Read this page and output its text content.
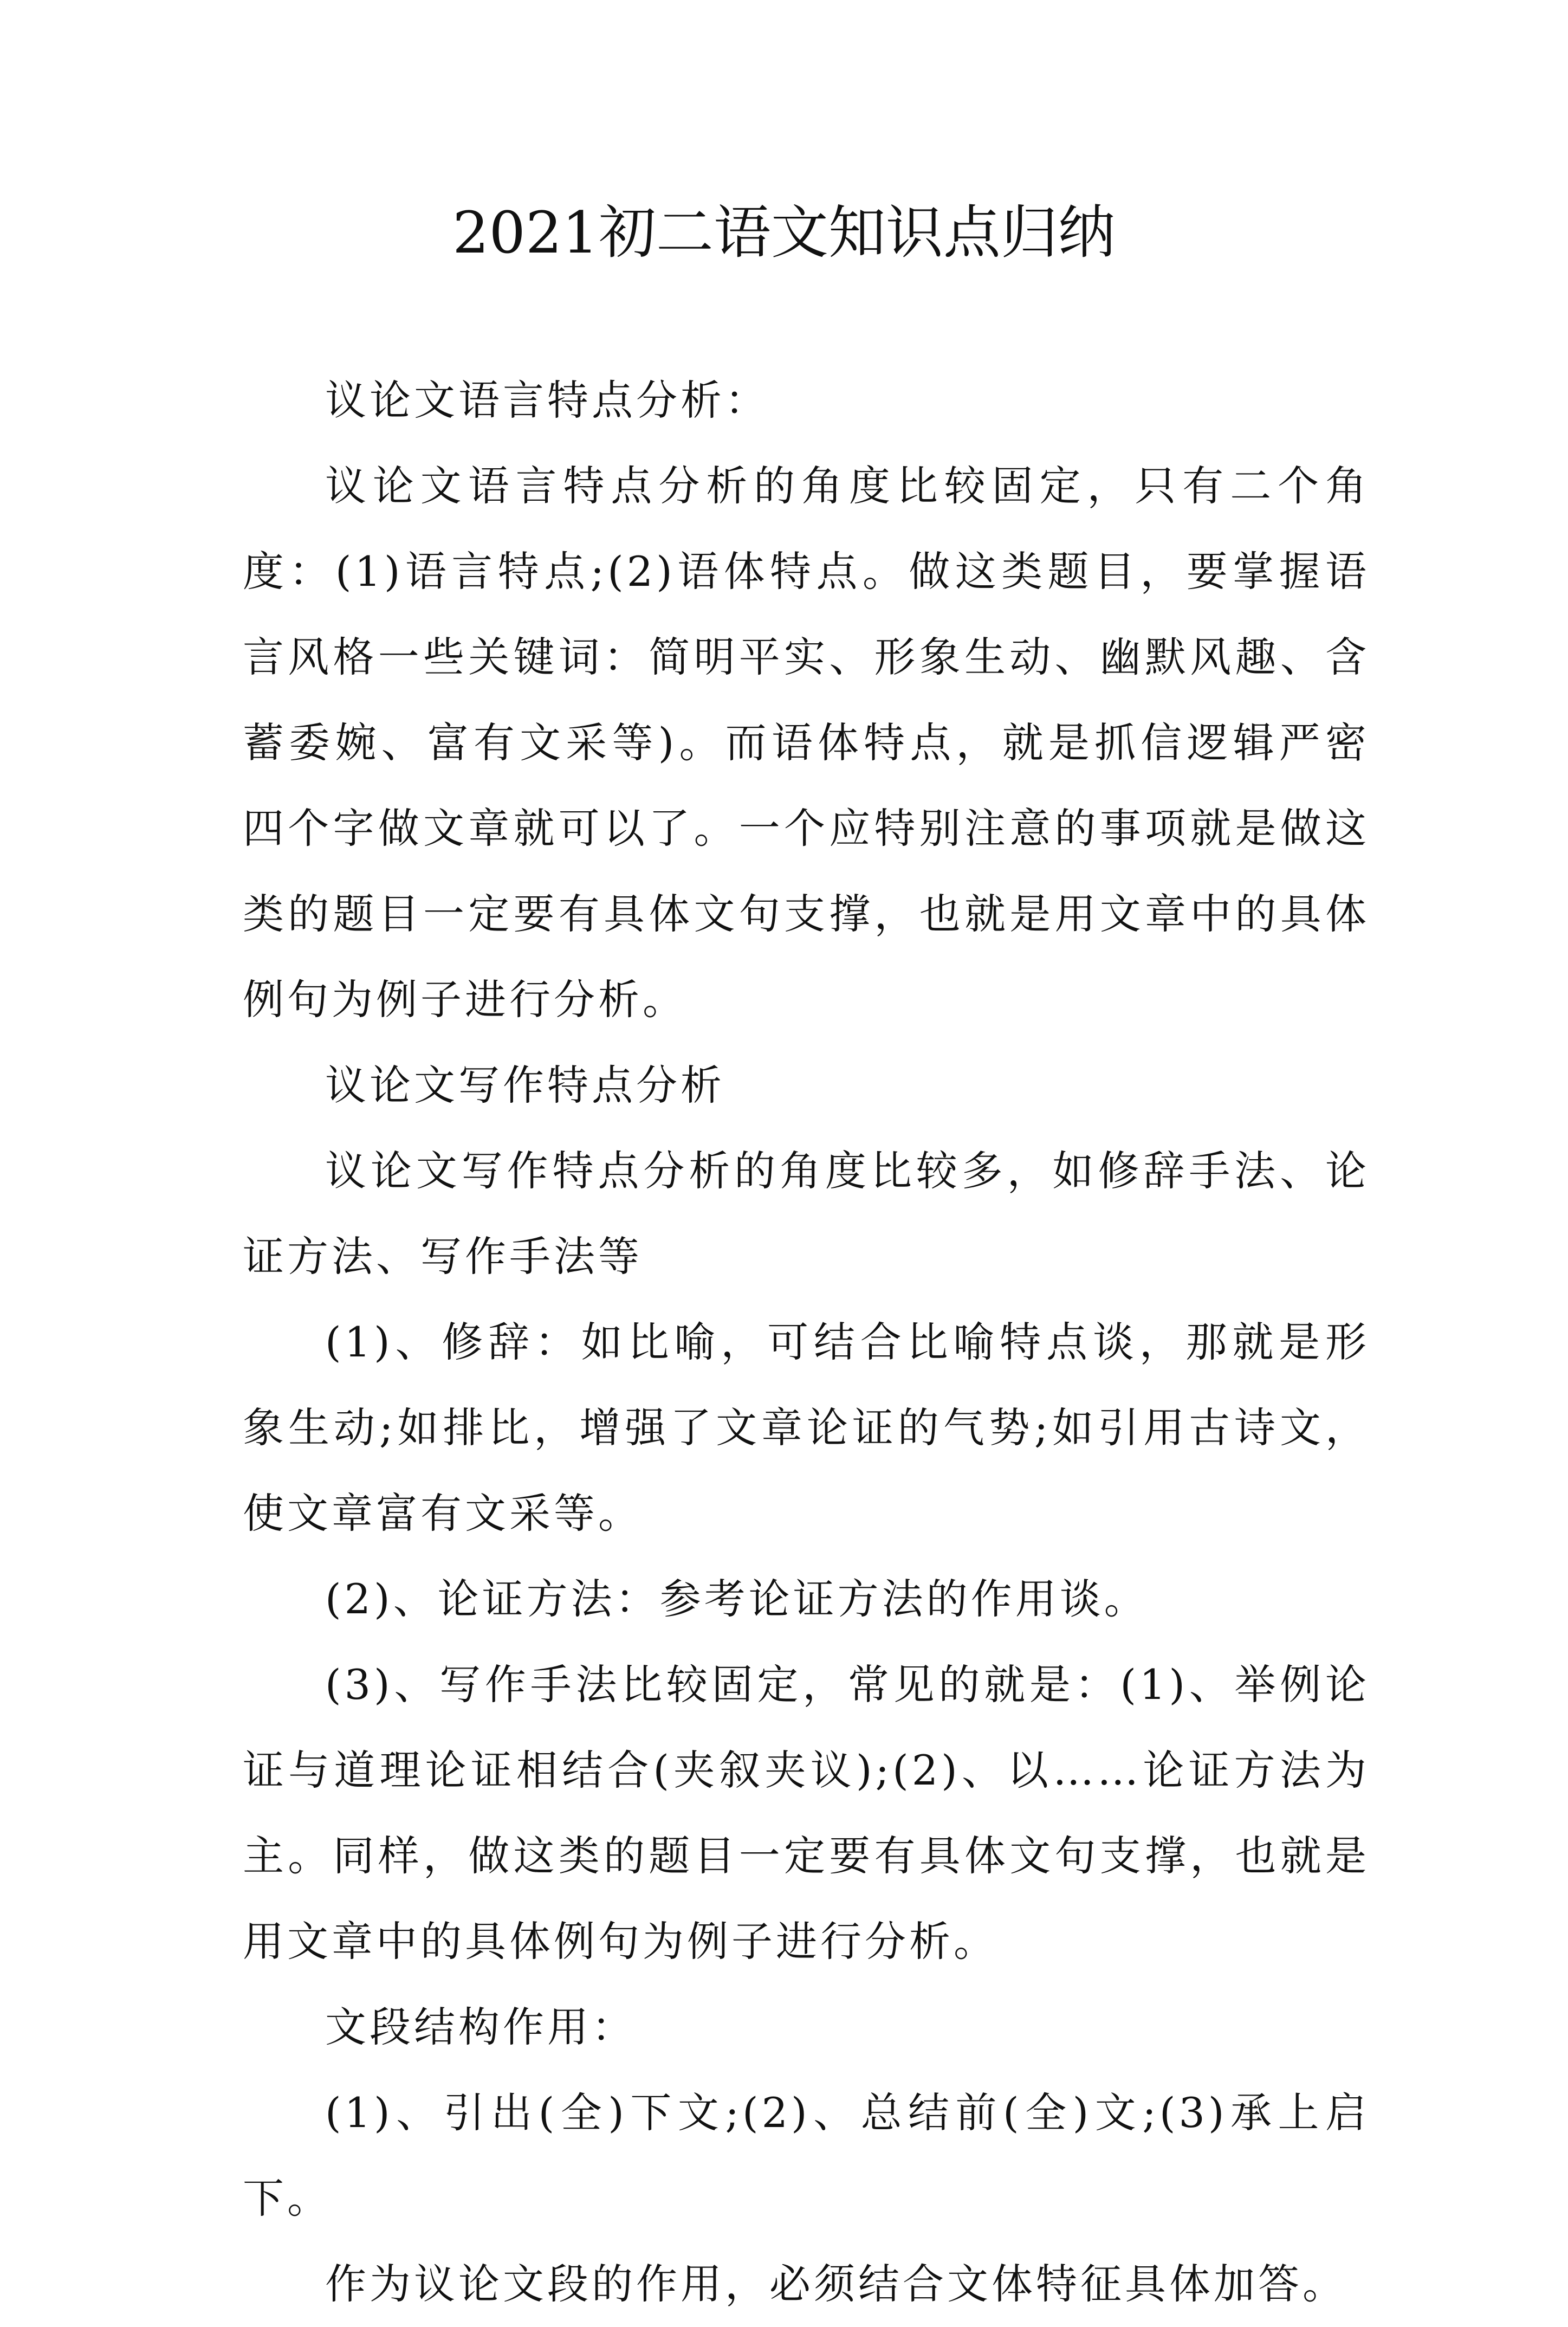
2021初二语文知识点归纳

议论文语言特点分析：

议论文语言特点分析的角度比较固定，只有二个角度：(1)语言特点;(2)语体特点。做这类题目，要掌握语言风格一些关键词：简明平实、形象生动、幽默风趣、含蓄委婉、富有文采等)。而语体特点，就是抓信逻辑严密四个字做文章就可以了。一个应特别注意的事项就是做这类的题目一定要有具体文句支撑，也就是用文章中的具体例句为例子进行分析。

议论文写作特点分析

议论文写作特点分析的角度比较多，如修辞手法、论证方法、写作手法等

(1)、修辞：如比喻，可结合比喻特点谈，那就是形象生动;如排比，增强了文章论证的气势;如引用古诗文，使文章富有文采等。

(2)、论证方法：参考论证方法的作用谈。

(3)、写作手法比较固定，常见的就是：(1)、举例论证与道理论证相结合(夹叙夹议);(2)、以……论证方法为主。同样，做这类的题目一定要有具体文句支撑，也就是用文章中的具体例句为例子进行分析。

文段结构作用：

(1)、引出(全)下文;(2)、总结前(全)文;(3)承上启下。

作为议论文段的作用，必须结合文体特征具体加答。
